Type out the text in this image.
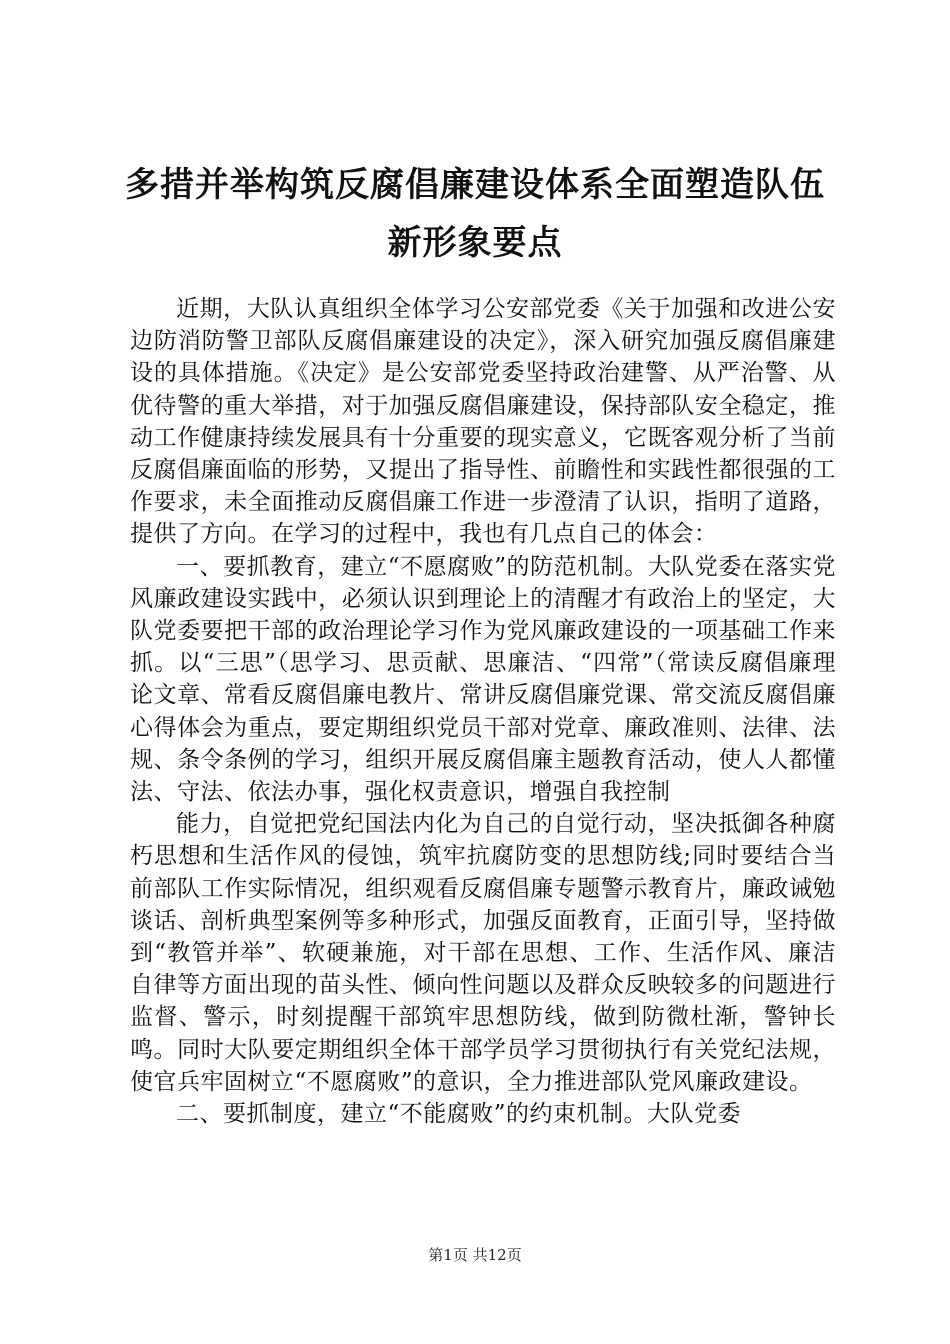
多措并举构筑反腐倡廉建设体系全面塑造队伍
新形象要点

近期，大队认真组织全体学习公安部党委《关于加强和改进公安边防消防警卫部队反腐倡廉建设的决定》，深入研究加强反腐倡廉建设的具体措施。《决定》是公安部党委坚持政治建警、从严治警、从优待警的重大举措，对于加强反腐倡廉建设，保持部队安全稳定，推动工作健康持续发展具有十分重要的现实意义，它既客观分析了当前反腐倡廉面临的形势，又提出了指导性、前瞻性和实践性都很强的工作要求，未全面推动反腐倡廉工作进一步澄清了认识，指明了道路，提供了方向。在学习的过程中，我也有几点自己的体会：

一、要抓教育，建立“不愿腐败”的防范机制。大队党委在落实党风廉政建设实践中，必须认识到理论上的清醒才有政治上的坚定，大队党委要把干部的政治理论学习作为党风廉政建设的一项基础工作来抓。以“三思”（思学习、思贡献、思廉洁、“四常”（常读反腐倡廉理论文章、常看反腐倡廉电教片、常讲反腐倡廉党课、常交流反腐倡廉心得体会为重点，要定期组织党员干部对党章、廉政准则、法律、法规、条令条例的学习，组织开展反腐倡廉主题教育活动，使人人都懂法、守法、依法办事，强化权责意识，增强自我控制

能力，自觉把党纪国法内化为自己的自觉行动，坚决抵御各种腐朽思想和生活作风的侵蚀，筑牢抗腐防变的思想防线;同时要结合当前部队工作实际情况，组织观看反腐倡廉专题警示教育片，廉政诫勉谈话、剖析典型案例等多种形式，加强反面教育，正面引导，坚持做到“教管并举”、软硬兼施，对干部在思想、工作、生活作风、廉洁自律等方面出现的苗头性、倾向性问题以及群众反映较多的问题进行监督、警示，时刻提醒干部筑牢思想防线，做到防微杜渐，警钟长鸣。同时大队要定期组织全体干部学员学习贯彻执行有关党纪法规，使官兵牢固树立“不愿腐败”的意识，全力推进部队党风廉政建设。

二、要抓制度，建立“不能腐败”的约束机制。大队党委

第1页 共12页
